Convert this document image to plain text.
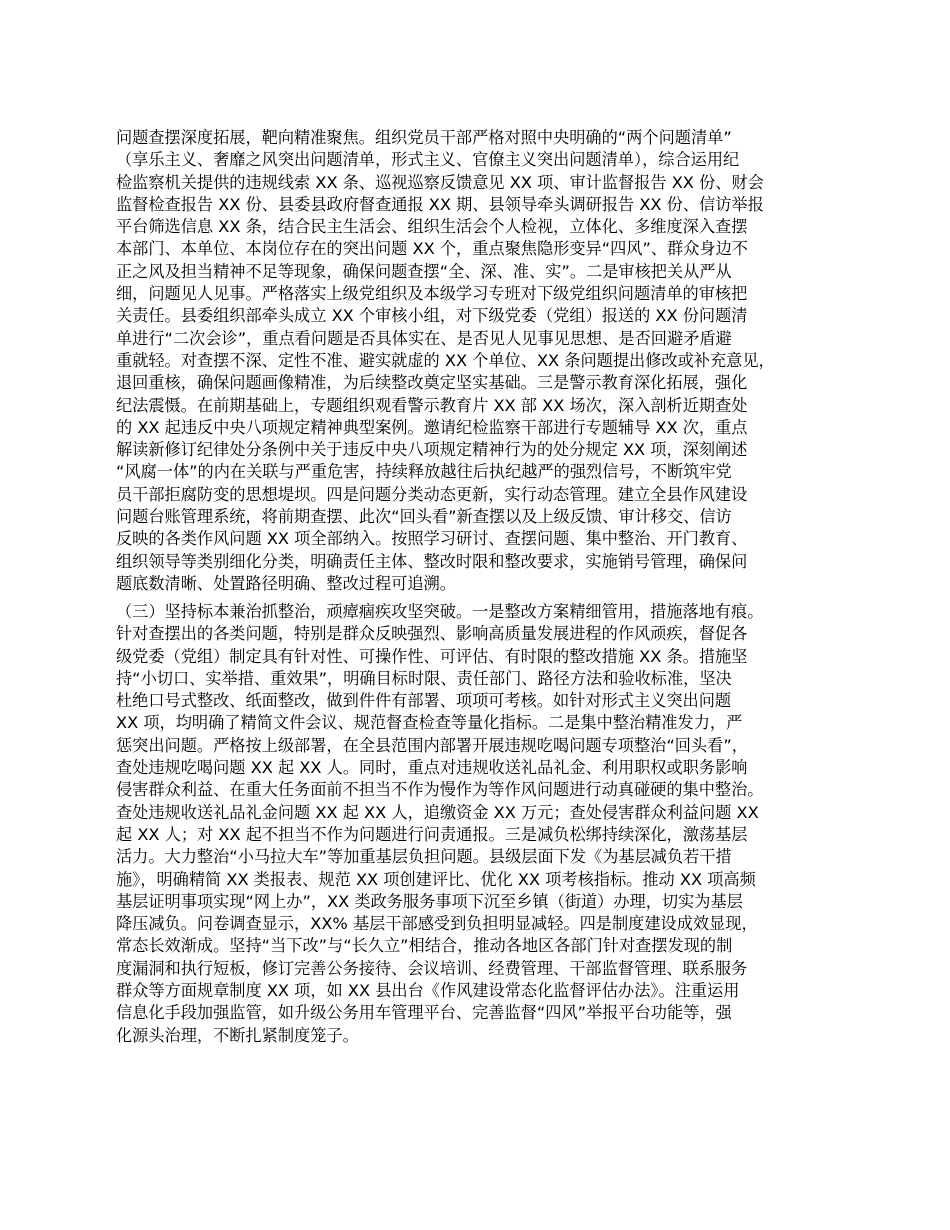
问题查摆深度拓展，靶向精准聚焦。组织党员干部严格对照中央明确的“两个问题清单”
（享乐主义、奢靡之风突出问题清单，形式主义、官僚主义突出问题清单），综合运用纪
检监察机关提供的违规线索 XX 条、巡视巡察反馈意见 XX 项、审计监督报告 XX 份、财会
监督检查报告 XX 份、县委县政府督查通报 XX 期、县领导牵头调研报告 XX 份、信访举报
平台筛选信息 XX 条，结合民主生活会、组织生活会个人检视，立体化、多维度深入查摆
本部门、本单位、本岗位存在的突出问题 XX 个，重点聚焦隐形变异“四风”、群众身边不
正之风及担当精神不足等现象，确保问题查摆“全、深、准、实”。二是审核把关从严从
细，问题见人见事。严格落实上级党组织及本级学习专班对下级党组织问题清单的审核把
关责任。县委组织部牵头成立 XX 个审核小组，对下级党委（党组）报送的 XX 份问题清
单进行“二次会诊”，重点看问题是否具体实在、是否见人见事见思想、是否回避矛盾避
重就轻。对查摆不深、定性不准、避实就虚的 XX 个单位、XX 条问题提出修改或补充意见，
退回重核，确保问题画像精准，为后续整改奠定坚实基础。三是警示教育深化拓展，强化
纪法震慑。在前期基础上，专题组织观看警示教育片 XX 部 XX 场次，深入剖析近期查处
的 XX 起违反中央八项规定精神典型案例。邀请纪检监察干部进行专题辅导 XX 次，重点
解读新修订纪律处分条例中关于违反中央八项规定精神行为的处分规定 XX 项，深刻阐述
“风腐一体”的内在关联与严重危害，持续释放越往后执纪越严的强烈信号，不断筑牢党
员干部拒腐防变的思想堤坝。四是问题分类动态更新，实行动态管理。建立全县作风建设
问题台账管理系统，将前期查摆、此次“回头看”新查摆以及上级反馈、审计移交、信访
反映的各类作风问题 XX 项全部纳入。按照学习研讨、查摆问题、集中整治、开门教育、
组织领导等类别细化分类，明确责任主体、整改时限和整改要求，实施销号管理，确保问
题底数清晰、处置路径明确、整改过程可追溯。
（三）坚持标本兼治抓整治，顽瘴痼疾攻坚突破。一是整改方案精细管用，措施落地有痕。
针对查摆出的各类问题，特别是群众反映强烈、影响高质量发展进程的作风顽疾，督促各
级党委（党组）制定具有针对性、可操作性、可评估、有时限的整改措施 XX 条。措施坚
持“小切口、实举措、重效果”，明确目标时限、责任部门、路径方法和验收标准，坚决
杜绝口号式整改、纸面整改，做到件件有部署、项项可考核。如针对形式主义突出问题
XX 项，均明确了精简文件会议、规范督查检查等量化指标。二是集中整治精准发力，严
惩突出问题。严格按上级部署，在全县范围内部署开展违规吃喝问题专项整治“回头看”，
查处违规吃喝问题 XX 起 XX 人。同时，重点对违规收送礼品礼金、利用职权或职务影响
侵害群众利益、在重大任务面前不担当不作为慢作为等作风问题进行动真碰硬的集中整治。
查处违规收送礼品礼金问题 XX 起 XX 人，追缴资金 XX 万元；查处侵害群众利益问题 XX
起 XX 人；对 XX 起不担当不作为问题进行问责通报。三是减负松绑持续深化，激荡基层
活力。大力整治“小马拉大车”等加重基层负担问题。县级层面下发《为基层减负若干措
施》，明确精简 XX 类报表、规范 XX 项创建评比、优化 XX 项考核指标。推动 XX 项高频
基层证明事项实现“网上办”，XX 类政务服务事项下沉至乡镇（街道）办理，切实为基层
降压减负。问卷调查显示，XX% 基层干部感受到负担明显减轻。四是制度建设成效显现，
常态长效渐成。坚持“当下改”与“长久立”相结合，推动各地区各部门针对查摆发现的制
度漏洞和执行短板，修订完善公务接待、会议培训、经费管理、干部监督管理、联系服务
群众等方面规章制度 XX 项，如 XX 县出台《作风建设常态化监督评估办法》。注重运用
信息化手段加强监管，如升级公务用车管理平台、完善监督“四风”举报平台功能等，强
化源头治理，不断扎紧制度笼子。
